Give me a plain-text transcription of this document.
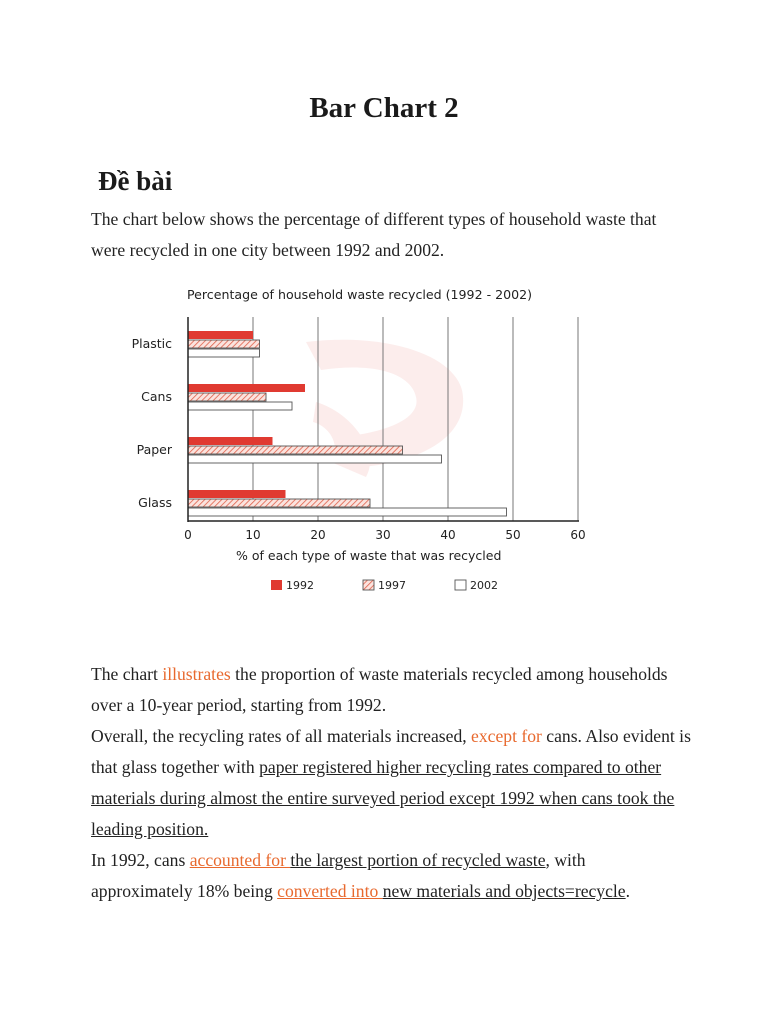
Bar Chart 2
Đề bài
The chart below shows the percentage of different types of household waste that were recycled in one city between 1992 and 2002.
0	10	20	30	40	50	60
Plastic
Cans
Paper
Glass
Percentage of household waste recycled (1992 - 2002)
% of each type of waste that was recycled
1992	1997	2002

The chart illustrates the proportion of waste materials recycled among households over a 10-year period, starting from 1992.

Overall, the recycling rates of all materials increased, except for cans. Also evident is that glass together with paper registered higher recycling rates compared to other materials during almost the entire surveyed period except 1992 when cans took the leading position.

In 1992, cans accounted for the largest portion of recycled waste, with approximately 18% being converted into new materials and objects=recycle.
